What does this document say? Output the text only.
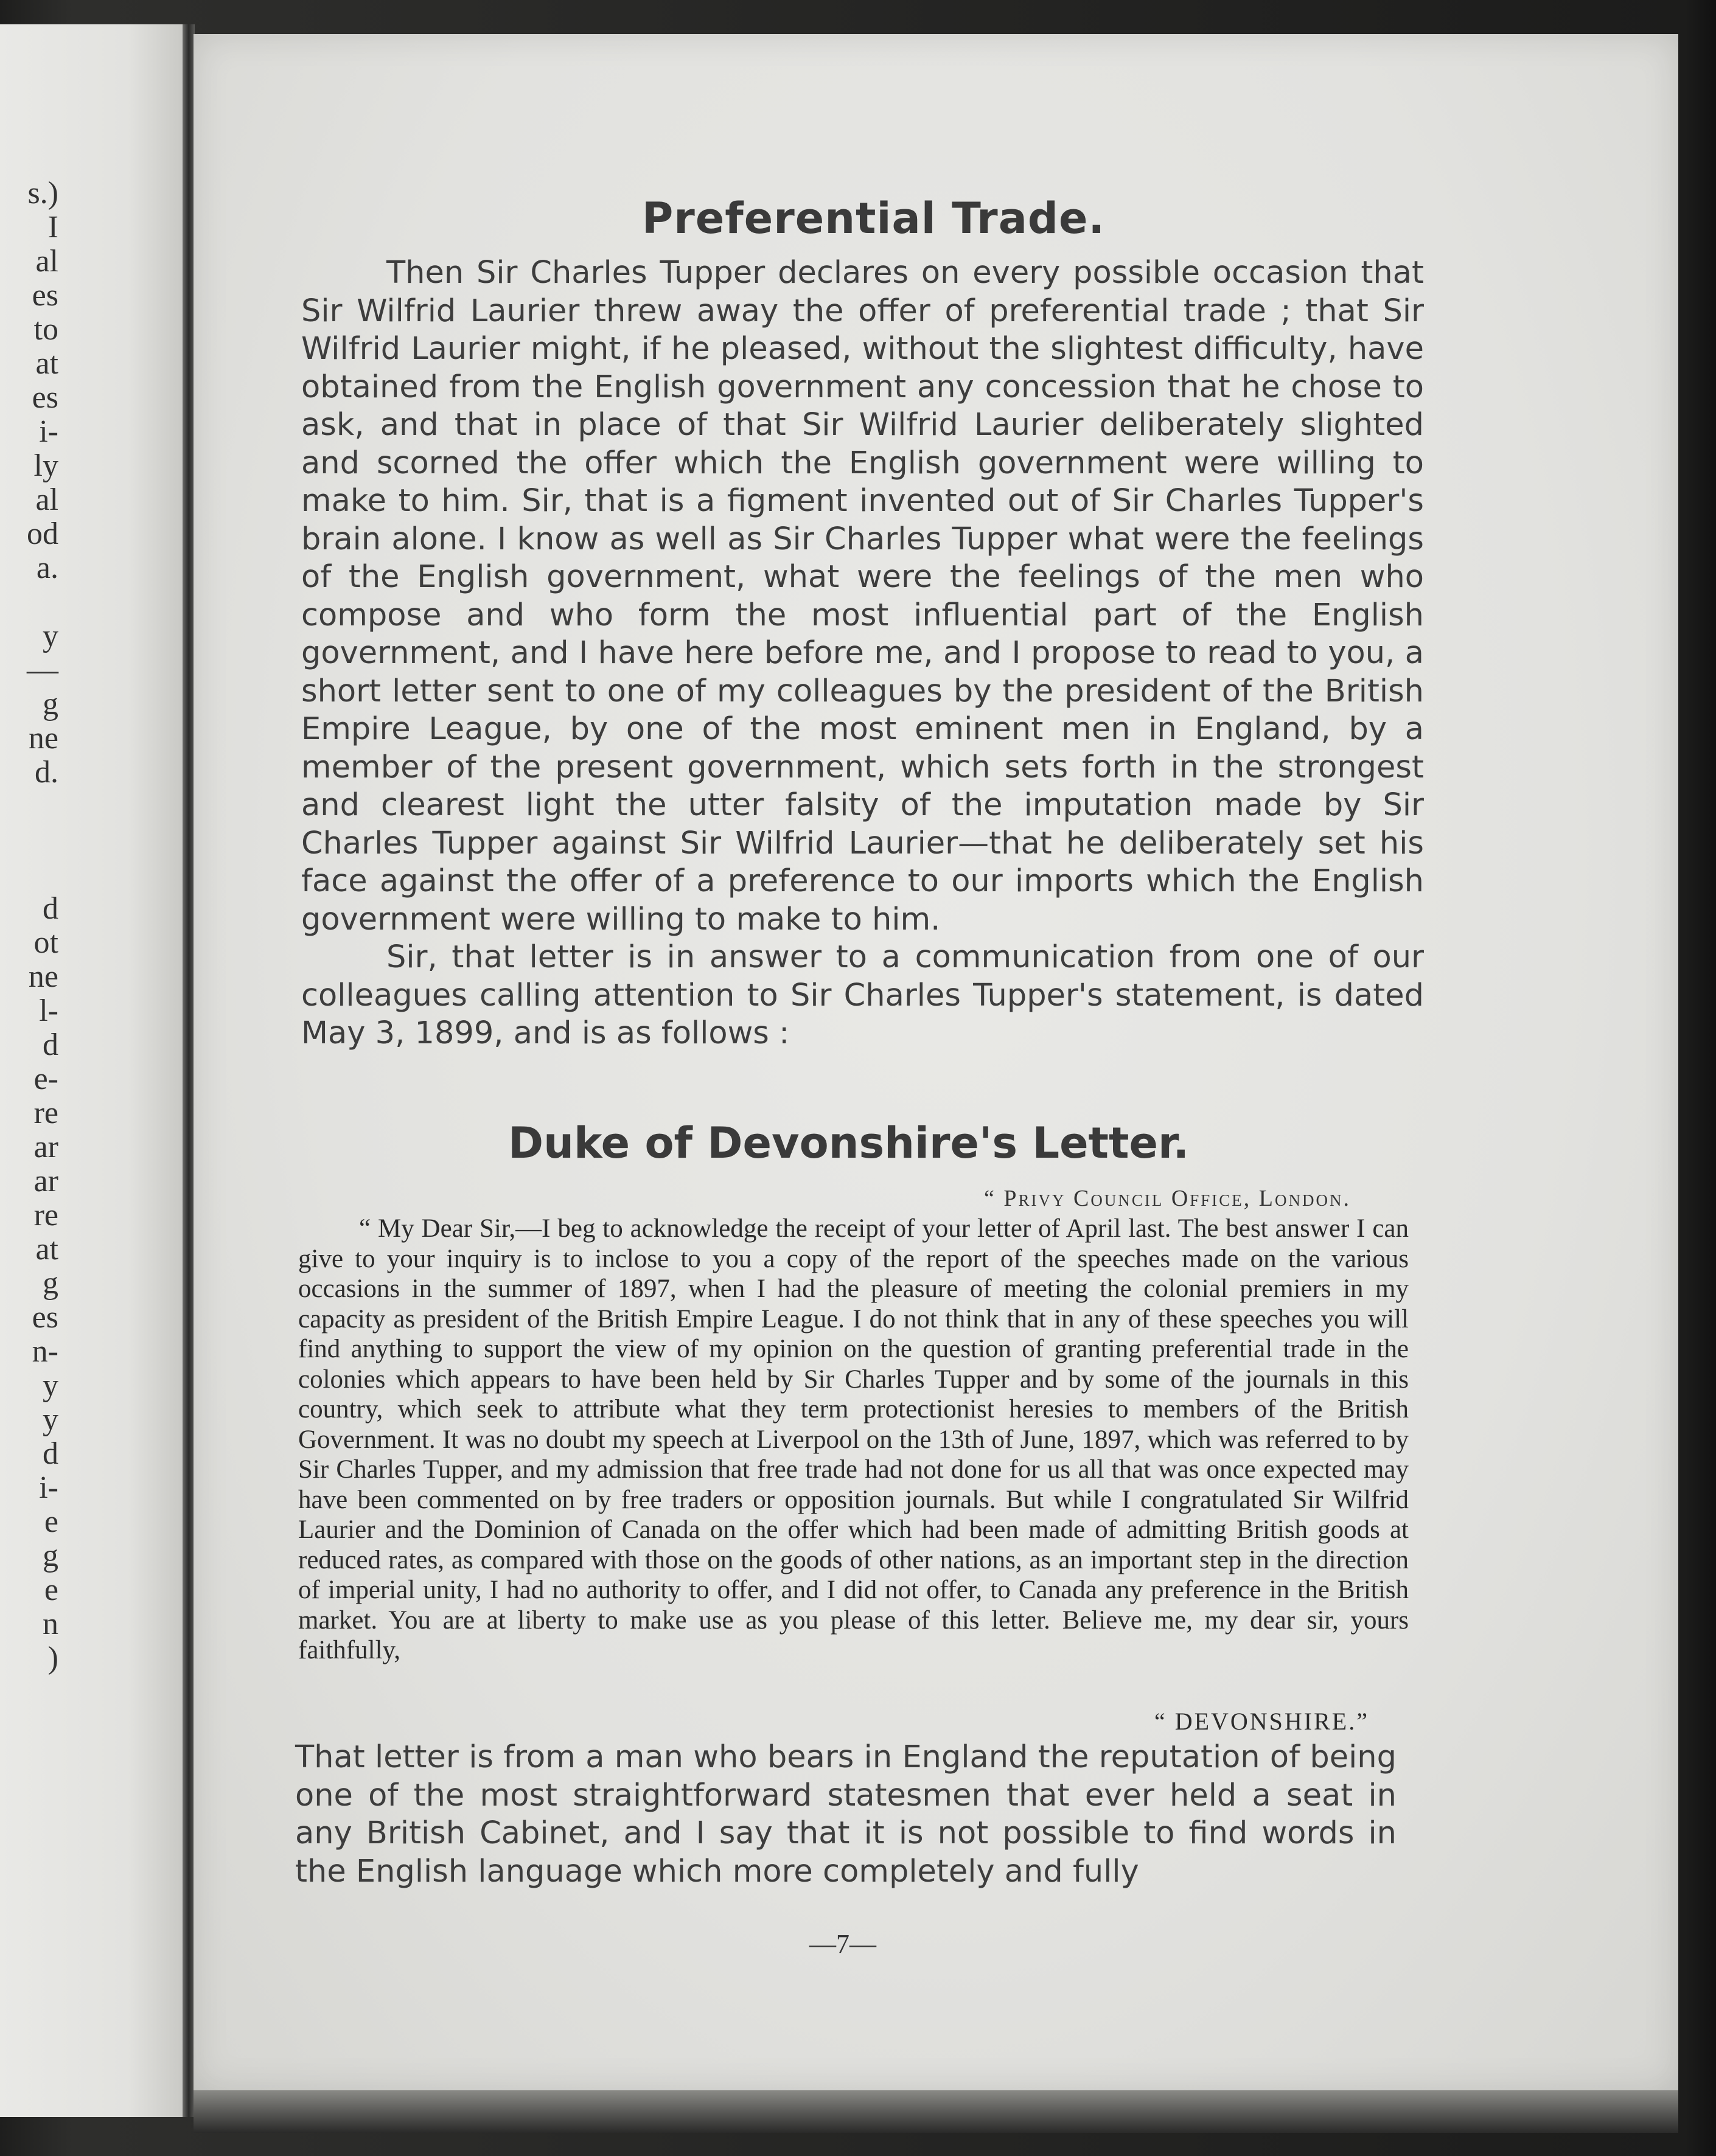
s.)
I
al
es
to
at
es
i-
ly
al
od
a.

y
—
g
ne
d.

d
ot
ne
l-
d
e-
re
ar
ar
re
at
g
es
n-
y
y
d
i-
e
g
e
n
)
Preferential Trade.

Then Sir Charles Tupper declares on every possible occasion that Sir Wilfrid Laurier threw away the offer of preferential trade ; that Sir Wilfrid Laurier might, if he pleased, without the slightest difficulty, have obtained from the English government any concession that he chose to ask, and that in place of that Sir Wilfrid Laurier deliberately slighted and scorned the offer which the English government were willing to make to him. Sir, that is a figment invented out of Sir Charles Tupper's brain alone. I know as well as Sir Charles Tupper what were the feelings of the English government, what were the feelings of the men who compose and who form the most influential part of the English government, and I have here before me, and I propose to read to you, a short letter sent to one of my colleagues by the president of the British Empire League, by one of the most eminent men in England, by a member of the present government, which sets forth in the strongest and clearest light the utter falsity of the imputation made by Sir Charles Tupper against Sir Wilfrid Laurier—that he deliberately set his face against the offer of a preference to our imports which the English government were willing to make to him.

Sir, that letter is in answer to a communication from one of our colleagues calling attention to Sir Charles Tupper's statement, is dated May 3, 1899, and is as follows :

Duke of Devonshire's Letter.
“ Privy Council Office, London.

“ My Dear Sir,—I beg to acknowledge the receipt of your letter of April last. The best answer I can give to your inquiry is to inclose to you a copy of the report of the speeches made on the various occasions in the summer of 1897, when I had the pleasure of meeting the colonial premiers in my capacity as president of the British Empire League. I do not think that in any of these speeches you will find anything to support the view of my opinion on the question of granting preferential trade in the colonies which appears to have been held by Sir Charles Tupper and by some of the journals in this country, which seek to attribute what they term protectionist heresies to members of the British Government. It was no doubt my speech at Liverpool on the 13th of June, 1897, which was referred to by Sir Charles Tupper, and my admission that free trade had not done for us all that was once expected may have been commented on by free traders or opposition journals. But while I congratulated Sir Wilfrid Laurier and the Dominion of Canada on the offer which had been made of admitting British goods at reduced rates, as compared with those on the goods of other nations, as an important step in the direction of imperial unity, I had no authority to offer, and I did not offer, to Canada any preference in the British market. You are at liberty to make use as you please of this letter. Believe me, my dear sir, yours faithfully,

“ DEVONSHIRE.”

That letter is from a man who bears in England the reputation of being one of the most straightforward statesmen that ever held a seat in any British Cabinet, and I say that it is not possible to find words in the English language which more completely and fully

—7—
